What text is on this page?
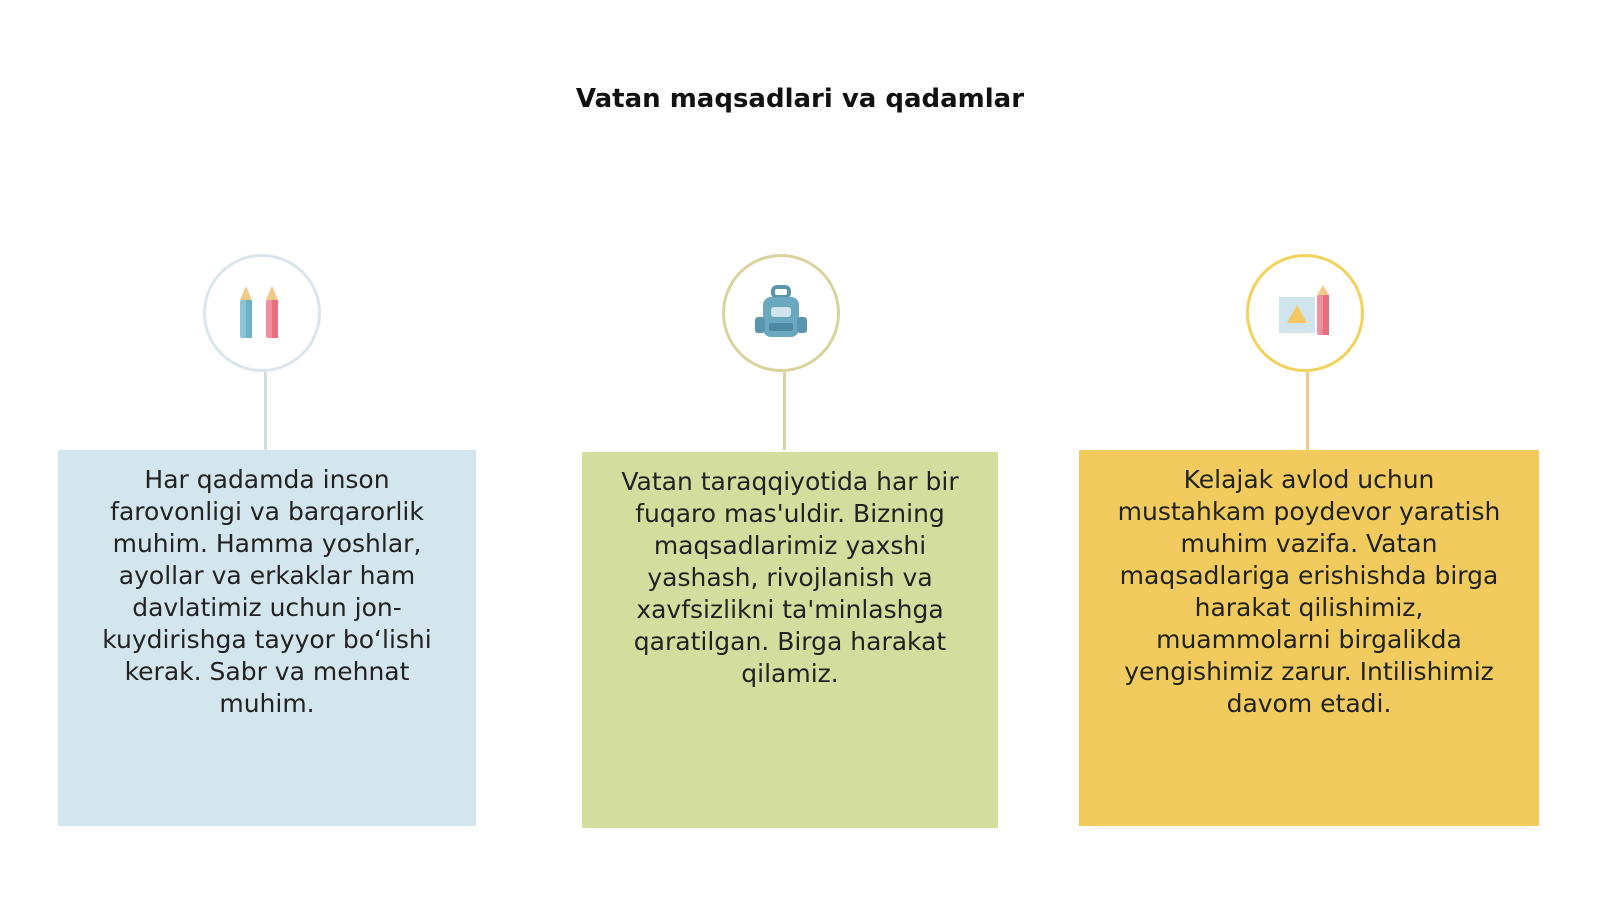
Vatan maqsadlari va qadamlar
Har qadamda inson farovonligi va barqarorlik muhim. Hamma yoshlar, ayollar va erkaklar ham davlatimiz uchun jon-kuydirishga tayyor bo‘lishi kerak. Sabr va mehnat muhim.
Vatan taraqqiyotida har bir fuqaro mas'uldir. Bizning maqsadlarimiz yaxshi yashash, rivojlanish va xavfsizlikni ta'minlashga qaratilgan. Birga harakat qilamiz.
Kelajak avlod uchun mustahkam poydevor yaratish muhim vazifa. Vatan maqsadlariga erishishda birga harakat qilishimiz, muammolarni birgalikda yengishimiz zarur. Intilishimiz davom etadi.
